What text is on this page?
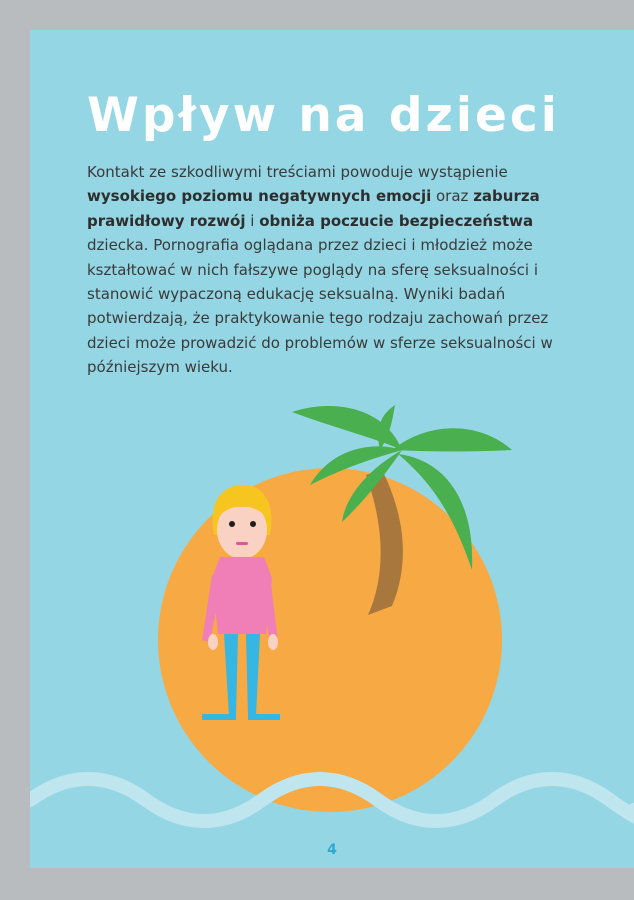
Wpływ na dzieci

Kontakt ze szkodliwymi treściami powoduje wystąpienie wysokiego poziomu negatywnych emocji oraz zaburza prawidłowy rozwój i obniża poczucie bezpieczeństwa dziecka. Pornografia oglądana przez dzieci i młodzież może kształtować w nich fałszywe poglądy na sferę seksualności i stanowić wypaczoną edukację seksualną. Wyniki badań potwierdzają, że praktykowanie tego rodzaju zachowań przez dzieci może prowadzić do problemów w sferze seksualności w późniejszym wieku.

4
